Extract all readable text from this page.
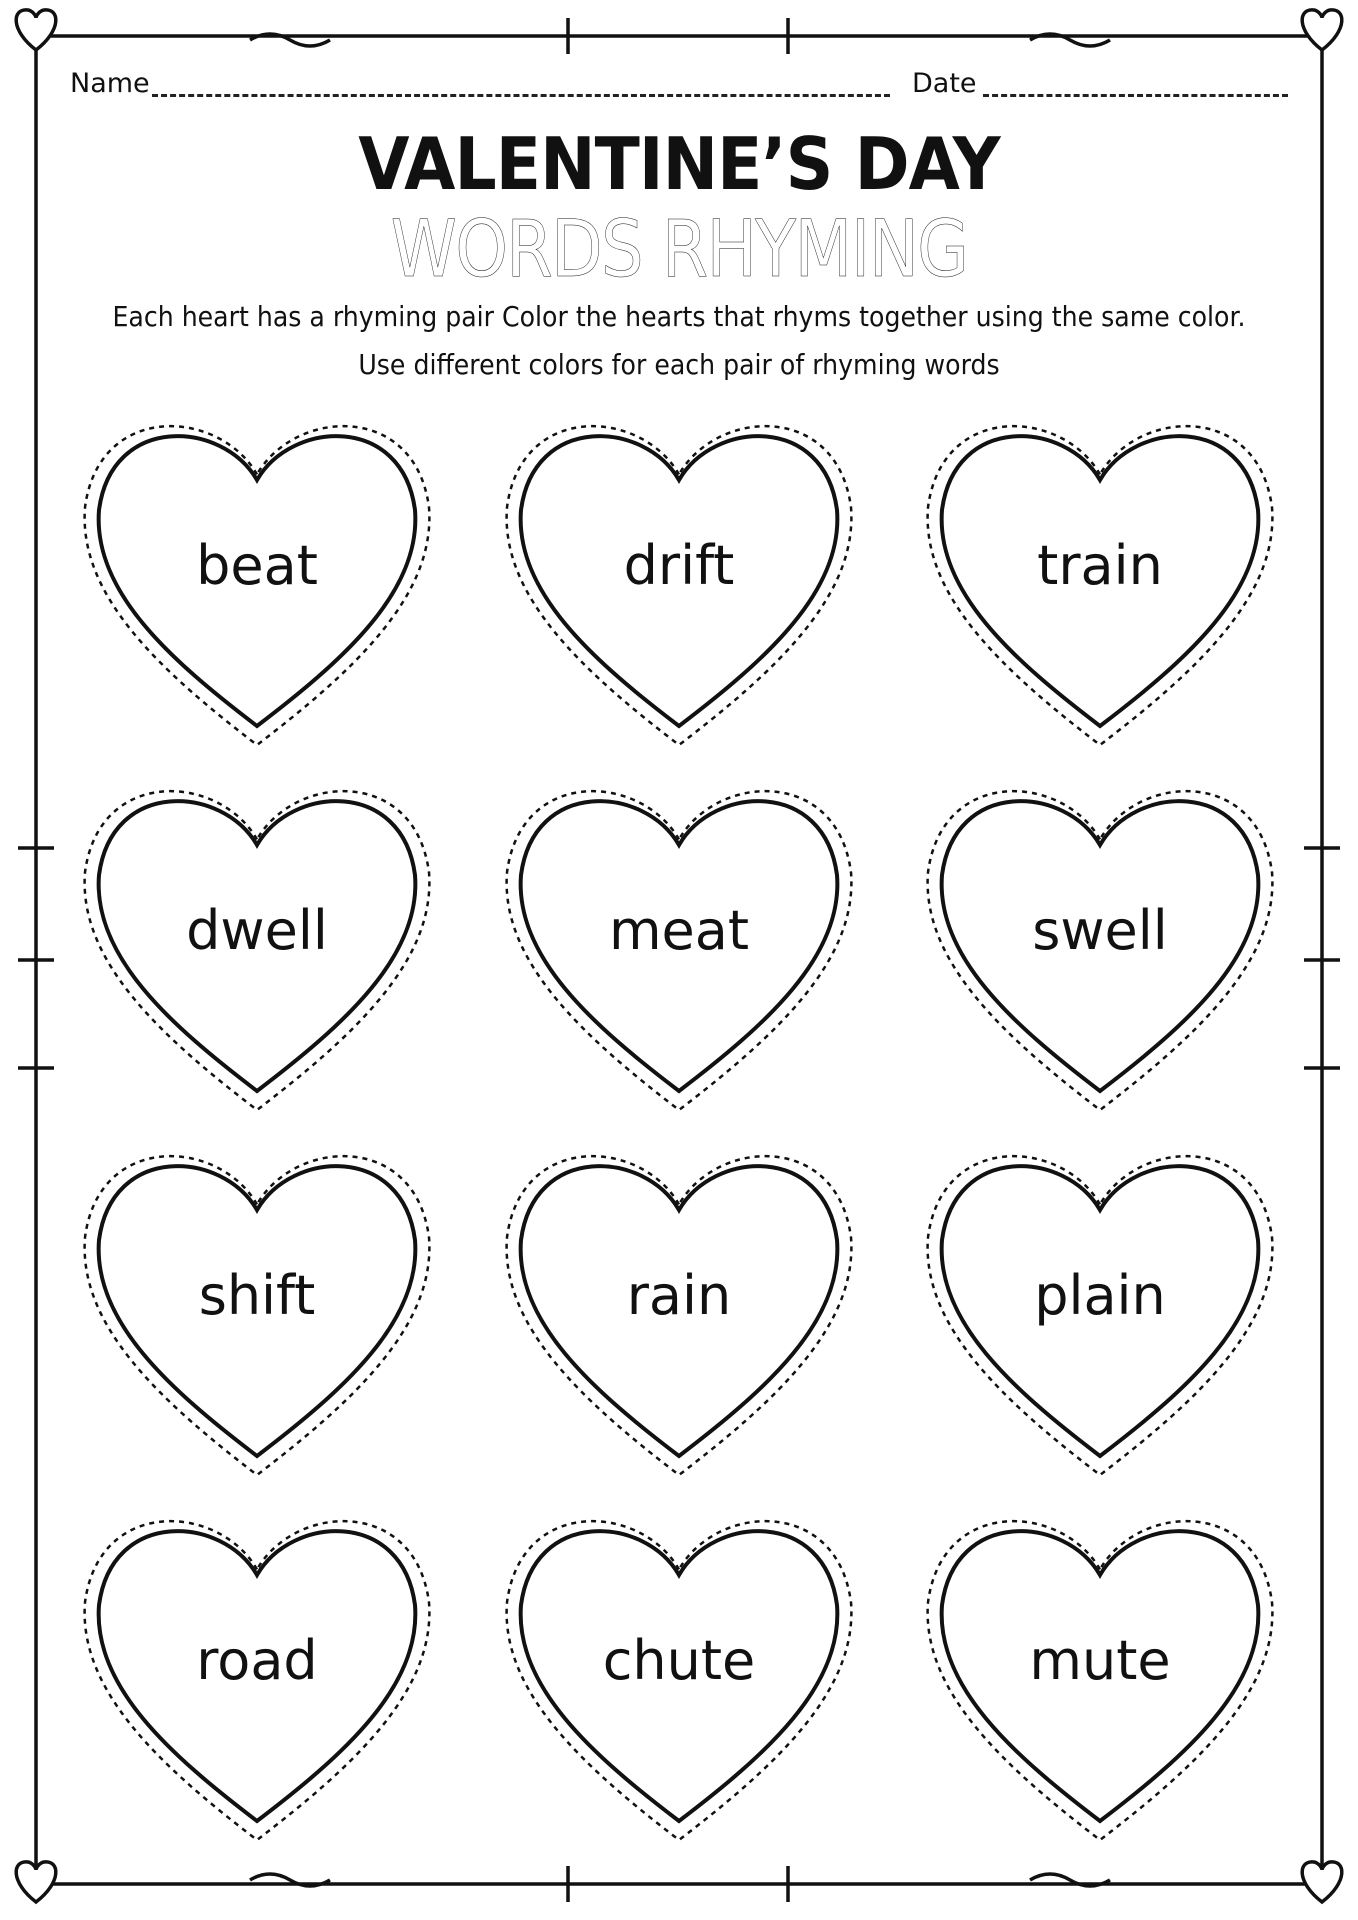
Name	Date
VALENTINE’S DAY
WORDS RHYMING
Each heart has a rhyming pair Color the hearts that rhyms together using the same color.
Use different colors for each pair of rhyming words
beat	drift	train
dwell	meat	swell
shift	rain	plain
road	chute	mute
